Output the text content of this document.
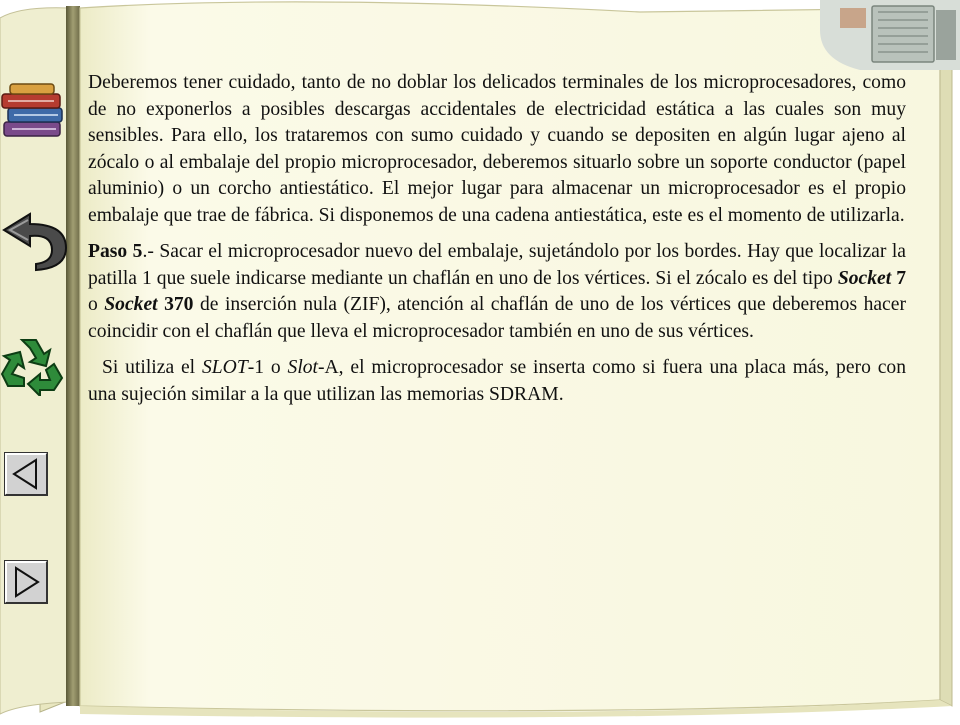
Deberemos tener cuidado, tanto de no doblar los delicados terminales de los microprocesadores, como de no exponerlos a posibles descargas accidentales de electricidad estática a las cuales son muy sensibles. Para ello, los trataremos con sumo cuidado y cuando se depositen en algún lugar ajeno al zócalo o al embalaje del propio microprocesador, deberemos situarlo sobre un soporte conductor (papel aluminio) o un corcho antiestático. El mejor lugar para almacenar un microprocesador es el propio embalaje que trae de fábrica. Si disponemos de una cadena antiestática, este es el momento de utilizarla.

Paso 5.- Sacar el microprocesador nuevo del embalaje, sujetándolo por los bordes. Hay que localizar la patilla 1 que suele indicarse mediante un chaflán en uno de los vértices. Si el zócalo es del tipo Socket 7 o Socket 370 de inserción nula (ZIF), atención al chaflán de uno de los vértices que deberemos hacer coincidir con el chaflán que lleva el microprocesador también en uno de sus vértices.

Si utiliza el SLOT-1 o Slot-A, el microprocesador se inserta como si fuera una placa más, pero con una sujeción similar a la que utilizan las memorias SDRAM.
